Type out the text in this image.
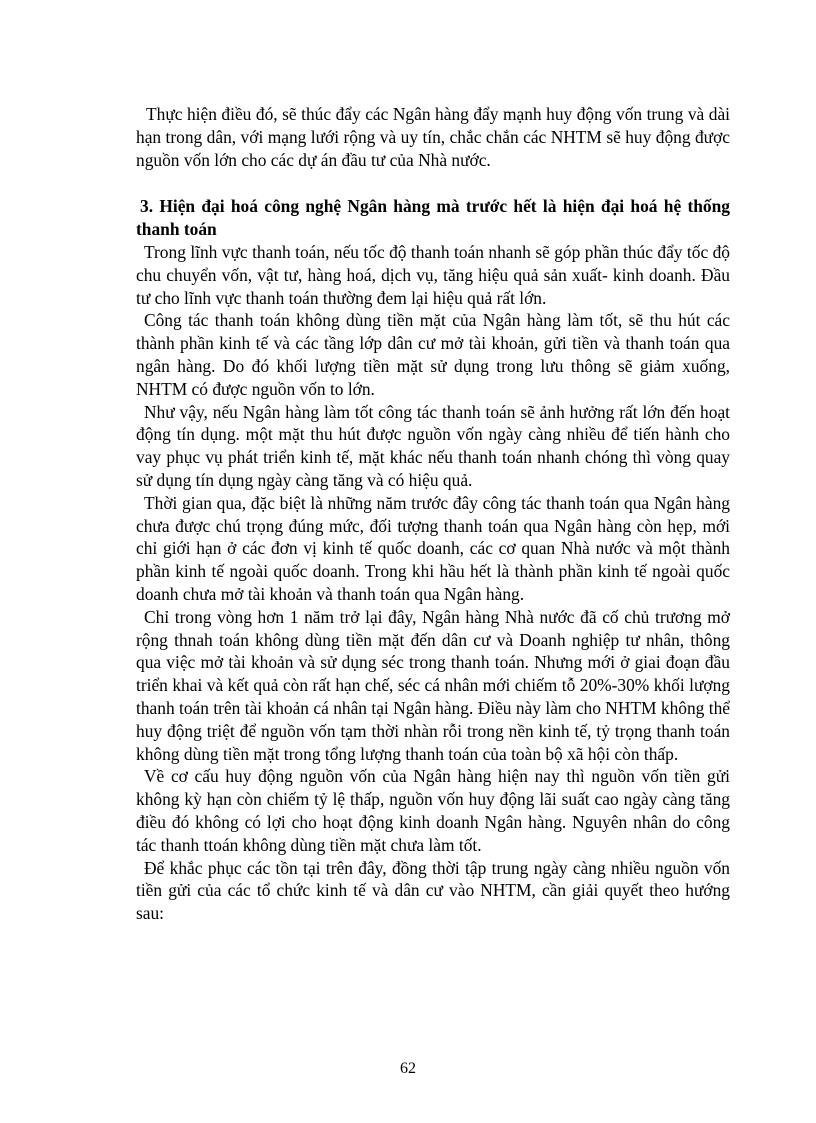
Thực hiện điều đó, sẽ thúc đẩy các Ngân hàng đẩy mạnh huy động vốn trung và dài hạn trong dân, với mạng lưới rộng và uy tín, chắc chắn các NHTM sẽ huy động được nguồn vốn lớn cho các dự án đầu tư của Nhà nước.

3. Hiện đại hoá công nghệ Ngân hàng mà trước hết là hiện đại hoá hệ thống thanh toán

Trong lĩnh vực thanh toán, nếu tốc độ thanh toán nhanh sẽ góp phần thúc đẩy tốc độ chu chuyển vốn, vật tư, hàng hoá, dịch vụ, tăng hiệu quả sản xuất- kinh doanh. Đầu tư cho lĩnh vực thanh toán thường đem lại hiệu quả rất lớn.

Công tác thanh toán không dùng tiền mặt của Ngân hàng làm tốt, sẽ thu hút các thành phần kinh tế và các tầng lớp dân cư mở tài khoản, gửi tiền và thanh toán qua ngân hàng. Do đó khối lượng tiền mặt sử dụng trong lưu thông sẽ giảm xuống, NHTM có được nguồn vốn to lớn.

Như vậy, nếu Ngân hàng làm tốt công tác thanh toán sẽ ảnh hưởng rất lớn đến hoạt động tín dụng. một mặt thu hút được nguồn vốn ngày càng nhiều để tiến hành cho vay phục vụ phát triển kinh tế, mặt khác nếu thanh toán nhanh chóng thì vòng quay sử dụng tín dụng ngày càng tăng và có hiệu quả.

Thời gian qua, đặc biệt là những năm trước đây công tác thanh toán qua Ngân hàng chưa được chú trọng đúng mức, đối tượng thanh toán qua Ngân hàng còn hẹp, mới chỉ giới hạn ở các đơn vị kinh tế quốc doanh, các cơ quan Nhà nước và một thành phần kinh tế ngoài quốc doanh. Trong khi hầu hết là thành phần kinh tế ngoài quốc doanh chưa mở tài khoản và thanh toán qua Ngân hàng.

Chỉ trong vòng hơn 1 năm trở lại đây, Ngân hàng Nhà nước đã cố chủ trương mở rộng thnah toán không dùng tiền mặt đến dân cư và Doanh nghiệp tư nhân, thông qua việc mở tài khoản và sử dụng séc trong thanh toán. Nhưng mới ở giai đoạn đầu triển khai và kết quả còn rất hạn chế, séc cá nhân mới chiếm tỗ 20%-30% khối lượng thanh toán trên tài khoản cá nhân tại Ngân hàng. Điều này làm cho NHTM không thể huy động triệt để nguồn vốn tạm thời nhàn rỗi trong nền kinh tế, tỷ trọng thanh toán không dùng tiền mặt trong tổng lượng thanh toán của toàn bộ xã hội còn thấp.

Về cơ cấu huy động nguồn vốn của Ngân hàng hiện nay thì nguồn vốn tiền gửi không kỳ hạn còn chiếm tỷ lệ thấp, nguồn vốn huy động lãi suất cao ngày càng tăng điều đó không có lợi cho hoạt động kinh doanh Ngân hàng. Nguyên nhân do công tác thanh ttoán không dùng tiền mặt chưa làm tốt.

Để khắc phục các tồn tại trên đây, đồng thời tập trung ngày càng nhiều nguồn vốn tiền gửi của các tổ chức kinh tế và dân cư vào NHTM, cần giải quyết theo hướng sau:

62
